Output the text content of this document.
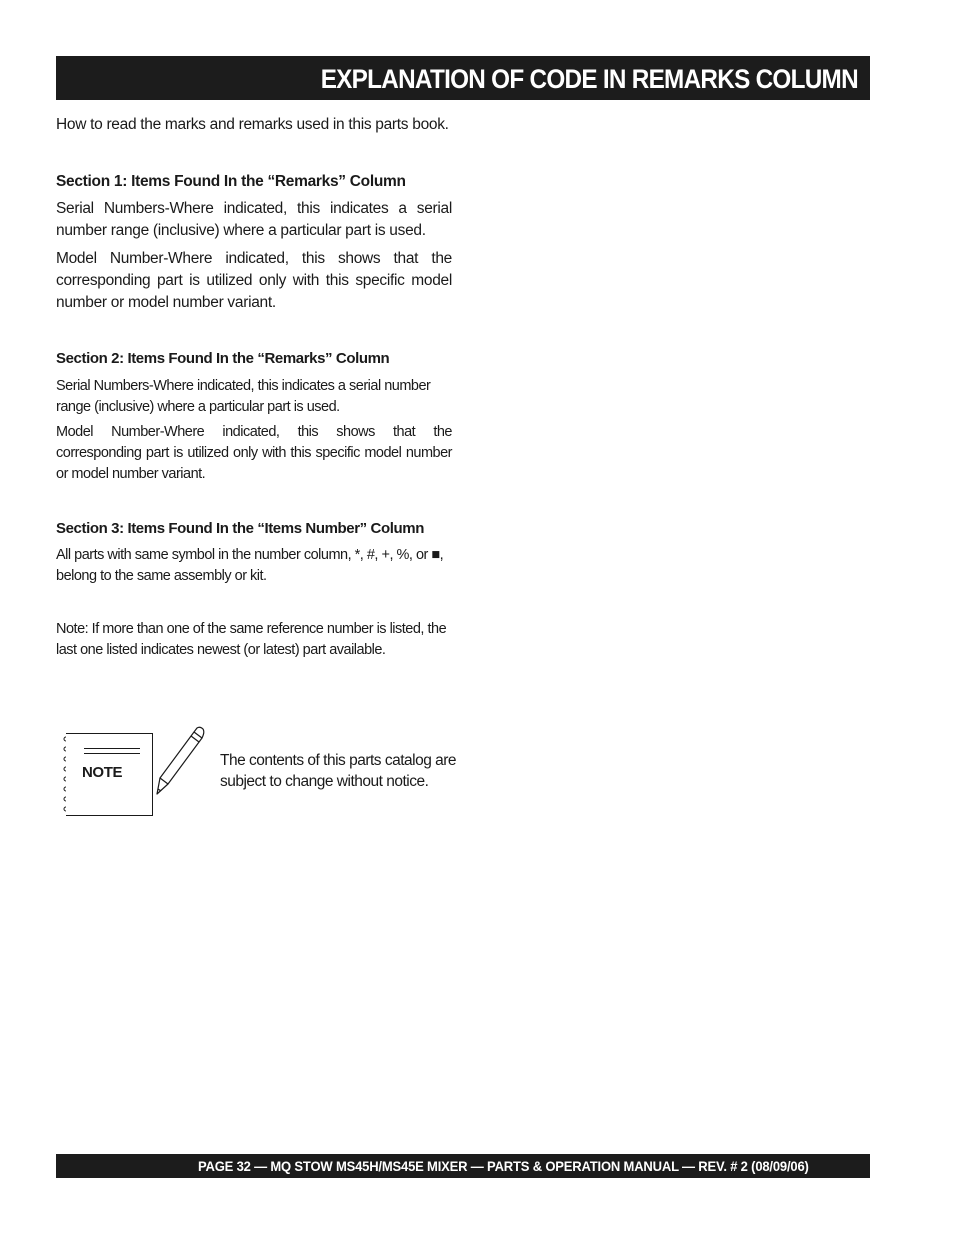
EXPLANATION OF CODE IN REMARKS COLUMN
How to read the marks and remarks used in this parts book.
Section 1: Items Found In the “Remarks” Column
Serial Numbers-Where indicated, this indicates a serial number range (inclusive) where a particular part is used.
Model Number-Where indicated, this shows that the corresponding part is utilized only with this specific model number or model number variant.
Section 2: Items Found In the “Remarks” Column
Serial Numbers-Where indicated, this indicates a serial number range (inclusive) where a particular part is used.
Model Number-Where indicated, this shows that the corresponding part is utilized only with this specific model number or model number variant.
Section 3: Items Found In the “Items Number” Column
All parts with same symbol in the number column, *, #, +, %, or ■, belong to the same assembly or kit.
Note: If more than one of the same reference number is listed, the last one listed indicates newest (or latest) part available.
NOTE
The contents of this parts catalog are subject to change without notice.
PAGE 32 — MQ STOW MS45H/MS45E MIXER — PARTS & OPERATION MANUAL — REV. # 2 (08/09/06)
